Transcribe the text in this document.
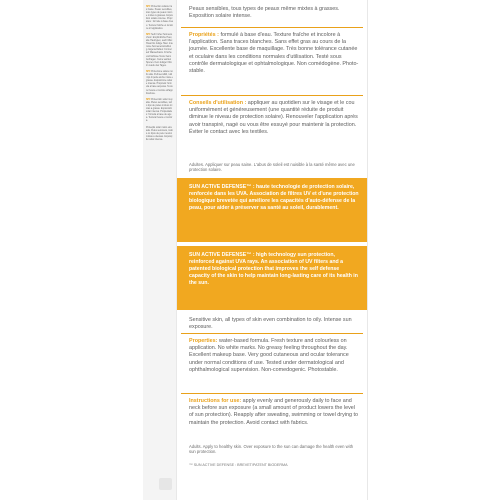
SPF Protection solaire très haute. Peaux sensibles, tous types de peaux même mixtes à grasses. Exposition solaire intense. Propriétés : formule à base d'eau. Texture fraîche et incolore à l'application.

SPF Sehr hoher Sonnenschutz. Empfindliche Haut, alle Hauttypen, auch Mischhaut bis fettige Haut. Intensive Sonneneinstrahlung. Eigenschaften: Formel auf Wasserbasis. Frische und farblose Textur beim Auftragen. Keine weißen Spuren. Kein fettiger Film im Laufe des Tages.

SPF Protezione solare molto alta. Pelli sensibili, tutti i tipi di pelle anche miste e grasse. Esposizione solare intensa. Proprietà: formula a base acquosa. Texture fresca e incolore all'applicazione.

SPF Protección solar muy alta. Pieles sensibles, todo tipo de pieles incluso mixtas a grasas. Exposición solar intensa. Propiedades: fórmula a base de agua. Textura fresca e incolora.

Proteção solar muito elevada. Peles sensíveis, todos os tipos de pele mesmo mistas a oleosas. Exposição solar intensa.
Peaux sensibles, tous types de peaux même mixtes à grasses. Exposition solaire intense.
Propriétés : formulé à base d'eau. Texture fraîche et incolore à l'application. Sans traces blanches. Sans effet gras au cours de la journée. Excellente base de maquillage. Très bonne tolérance cutanée et oculaire dans les conditions normales d'utilisation. Testé sous contrôle dermatologique et ophtalmologique. Non comédogène. Photo-stable.
Conseils d'utilisation : appliquer au quotidien sur le visage et le cou uniformément et généreusement (une quantité réduite de produit diminue le niveau de protection solaire). Renouveler l'application après avoir transpiré, nagé ou vous être essuyé pour maintenir la protection. Éviter le contact avec les textiles.
Adultes. Appliquer sur peau saine. L'abus de soleil est nuisible à la santé même avec une protection solaire.
SUN ACTIVE DEFENSE™ : haute technologie de protection solaire, renforcée dans les UVA. Association de filtres UV et d'une protection biologique brevetée qui améliore les capacités d'auto-défense de la peau, pour aider à préserver sa santé au soleil, durablement.
SUN ACTIVE DEFENSE™ : high technology sun protection, reinforced against UVA rays. An association of UV filters and a patented biological protection that improves the self defense capacity of the skin to help maintain long-lasting care of its health in the sun.
Sensitive skin, all types of skin even combination to oily. Intense sun exposure.
Properties: water-based formula. Fresh texture and colourless on application. No white marks. No greasy feeling throughout the day. Excellent makeup base. Very good cutaneous and ocular tolerance under normal conditions of use. Tested under dermatological and ophthalmological supervision. Non-comedogenic. Photostable.
Instructions for use: apply evenly and generously daily to face and neck before sun exposure (a small amount of product lowers the level of sun protection). Reapply after sweating, swimming or towel drying to maintain the protection. Avoid contact with fabrics.
Adults. Apply to healthy skin. Over exposure to the sun can damage the health even with sun protection.
™ SUN ACTIVE DEFENSE : BREVET/PATENT BIODERMA
